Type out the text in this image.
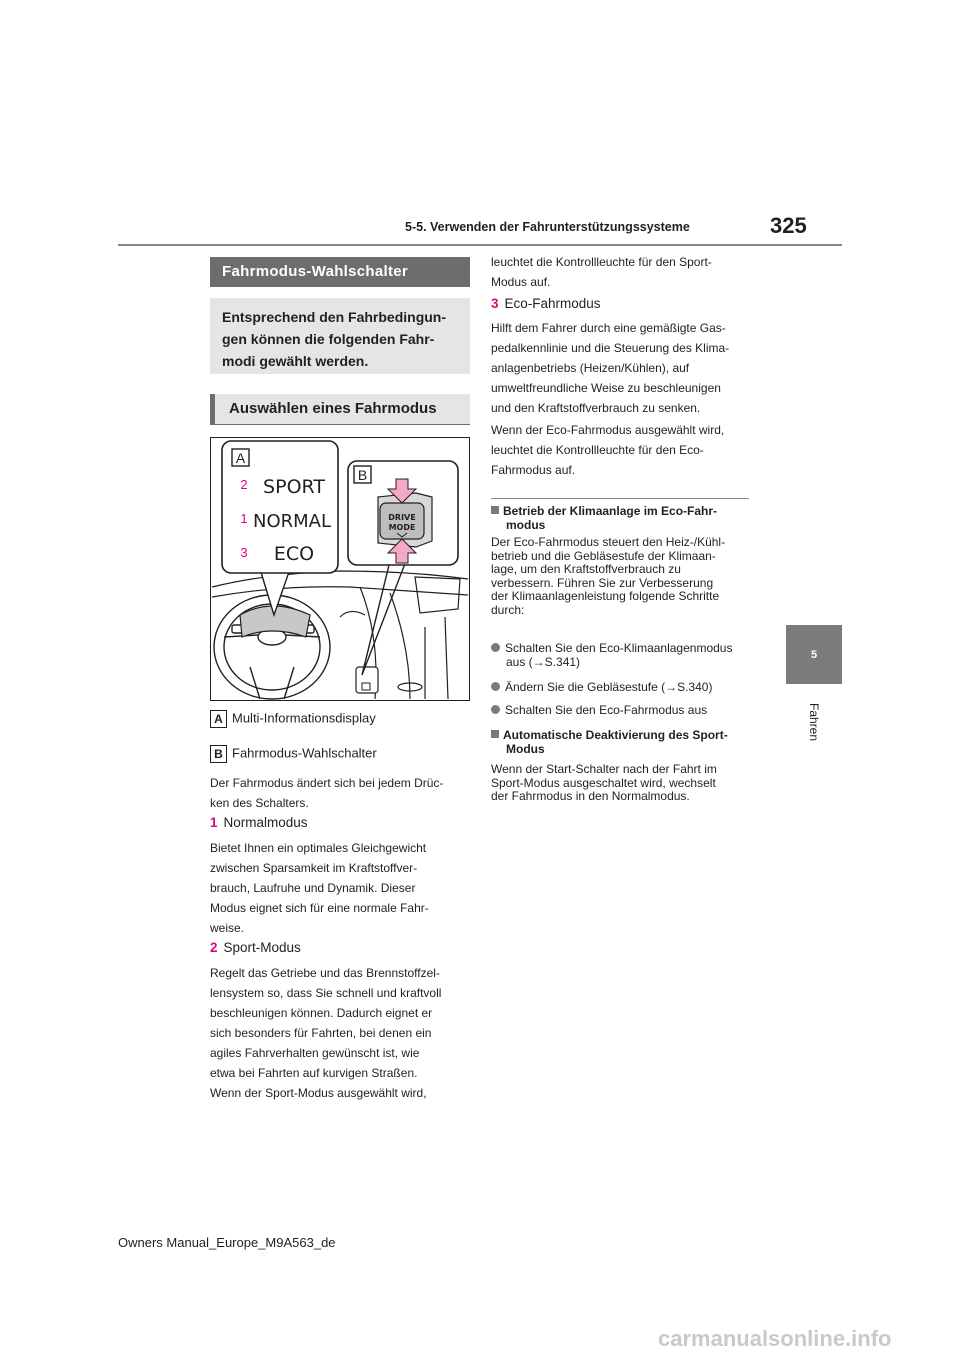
5-5. Verwenden der Fahrunterstützungssysteme	325
5
Fahren
Fahrmodus-Wahlschalter
Entsprechend den Fahrbedingun-
gen können die folgenden Fahr-
modi gewählt werden.
Auswählen eines Fahrmodus
A
2 SPORT
1 NORMAL
3 ECO
B
DRIVE
MODE
A Multi-Informationsdisplay
B Fahrmodus-Wahlschalter
Der Fahrmodus ändert sich bei jedem Drüc-
ken des Schalters.
1 Normalmodus
Bietet Ihnen ein optimales Gleichgewicht
zwischen Sparsamkeit im Kraftstoffver-
brauch, Laufruhe und Dynamik. Dieser
Modus eignet sich für eine normale Fahr-
weise.
2 Sport-Modus
Regelt das Getriebe und das Brennstoffzel-
lensystem so, dass Sie schnell und kraftvoll
beschleunigen können. Dadurch eignet er
sich besonders für Fahrten, bei denen ein
agiles Fahrverhalten gewünscht ist, wie
etwa bei Fahrten auf kurvigen Straßen.
Wenn der Sport-Modus ausgewählt wird,
leuchtet die Kontrollleuchte für den Sport-
Modus auf.
3 Eco-Fahrmodus
Hilft dem Fahrer durch eine gemäßigte Gas-
pedalkennlinie und die Steuerung des Klima-
anlagenbetriebs (Heizen/Kühlen), auf
umweltfreundliche Weise zu beschleunigen
und den Kraftstoffverbrauch zu senken.
Wenn der Eco-Fahrmodus ausgewählt wird,
leuchtet die Kontrollleuchte für den Eco-
Fahrmodus auf.
Betrieb der Klimaanlage im Eco-Fahr-
modus
Der Eco-Fahrmodus steuert den Heiz-/Kühl-
betrieb und die Gebläsestufe der Klimaan-
lage, um den Kraftstoffverbrauch zu
verbessern. Führen Sie zur Verbesserung
der Klimaanlagenleistung folgende Schritte
durch:
Schalten Sie den Eco-Klimaanlagenmodus
aus (→S.341)
Ändern Sie die Gebläsestufe (→S.340)
Schalten Sie den Eco-Fahrmodus aus
Automatische Deaktivierung des Sport-
Modus
Wenn der Start-Schalter nach der Fahrt im
Sport-Modus ausgeschaltet wird, wechselt
der Fahrmodus in den Normalmodus.
Owners Manual_Europe_M9A563_de
carmanualsonline.info
